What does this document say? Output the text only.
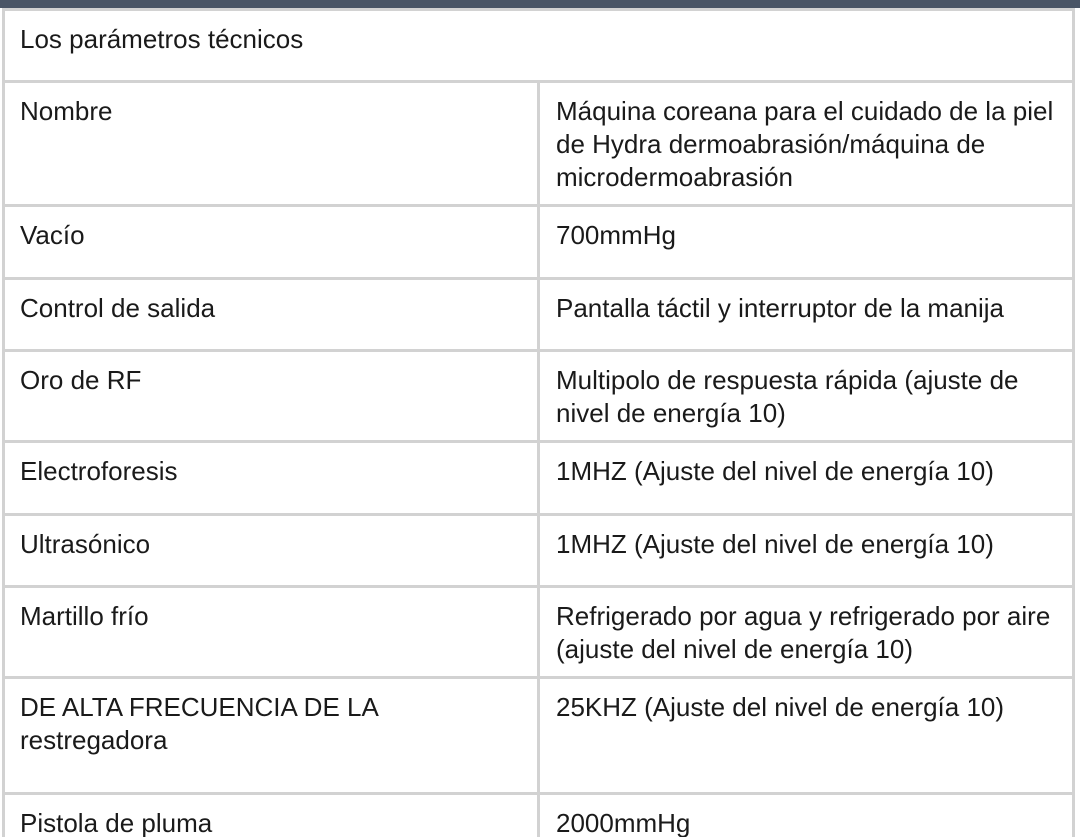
Los parámetros técnicos	
Nombre	Máquina coreana para el cuidado de la piel de Hydra dermoabrasión/máquina de microdermoabrasión
Vacío	700mmHg
Control de salida	Pantalla táctil y interruptor de la manija
Oro de RF	Multipolo de respuesta rápida (ajuste de nivel de energía 10)
Electroforesis	1MHZ (Ajuste del nivel de energía 10)
Ultrasónico	1MHZ (Ajuste del nivel de energía 10)
Martillo frío	Refrigerado por agua y refrigerado por aire (ajuste del nivel de energía 10)
DE ALTA FRECUENCIA DE LA restregadora	25KHZ (Ajuste del nivel de energía 10)
Pistola de pluma	2000mmHg
